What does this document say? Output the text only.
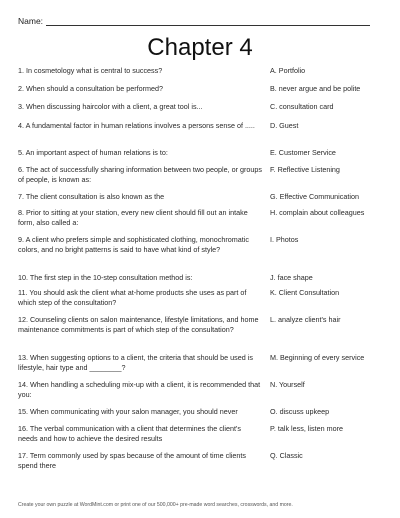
Name:
Chapter 4
1. In cosmetology what is central to success?	A. Portfolio
2. When should a consultation be performed?	B. never argue and be polite
3. When discussing haircolor with a client, a great tool is...	C. consultation card
4. A fundamental factor in human relations involves a persons sense of .....	D. Guest
5. An important aspect of human relations is to:	E. Customer Service
6. The act of successfully sharing information between two people, or groups of people, is known as:
F. Reflective Listening
7. The client consultation is also known as the	G. Effective Communication
8. Prior to sitting at your station, every new client should fill out an intake form, also called a:
H. complain about colleagues
9. A client who prefers simple and sophisticated clothing, monochromatic colors, and no bright patterns is said to have what kind of style?
I. Photos
10. The first step in the 10-step consultation method is:	J. face shape
11. You should ask the client what at-home products she uses as part of which step of the consultation?
K. Client Consultation
12. Counseling clients on salon maintenance, lifestyle limitations, and home maintenance commitments is part of which step of the consultation?
L. analyze client's hair
13. When suggesting options to a client, the criteria that should be used is lifestyle, hair type and ________?
M. Beginning of every service
14. When handling a scheduling mix-up with a client, it is recommended that you:
N. Yourself
15. When communicating with your salon manager, you should never	O. discuss upkeep
16. The verbal communication with a client that determines the client's needs and how to achieve the desired results
P. talk less, listen more
17. Term commonly used by spas because of the amount of time clients spend there
Q. Classic
Create your own puzzle at WordMint.com or print one of our 500,000+ pre-made word searches, crosswords, and more.
